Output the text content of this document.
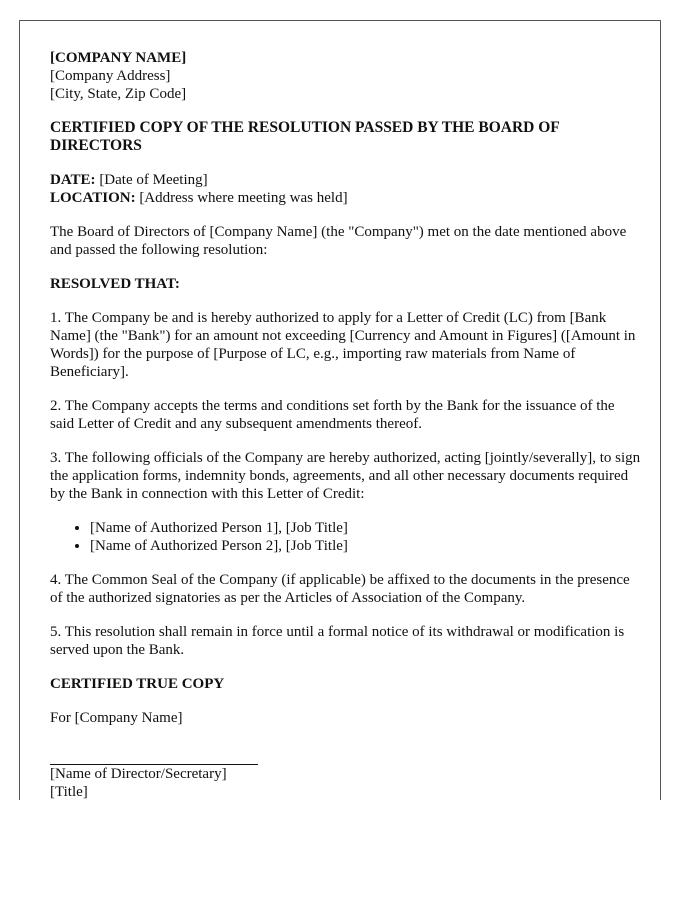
[COMPANY NAME]

[Company Address]

[City, State, Zip Code]

CERTIFIED COPY OF THE RESOLUTION PASSED BY THE BOARD OF DIRECTORS

DATE: [Date of Meeting]

LOCATION: [Address where meeting was held]

The Board of Directors of [Company Name] (the "Company") met on the date mentioned above and passed the following resolution:

RESOLVED THAT:

1. The Company be and is hereby authorized to apply for a Letter of Credit (LC) from [Bank Name] (the "Bank") for an amount not exceeding [Currency and Amount in Figures] ([Amount in Words]) for the purpose of [Purpose of LC, e.g., importing raw materials from Name of Beneficiary].

2. The Company accepts the terms and conditions set forth by the Bank for the issuance of the said Letter of Credit and any subsequent amendments thereof.

3. The following officials of the Company are hereby authorized, acting [jointly/severally], to sign the application forms, indemnity bonds, agreements, and all other necessary documents required by the Bank in connection with this Letter of Credit:

• [Name of Authorized Person 1], [Job Title]
• [Name of Authorized Person 2], [Job Title]

4. The Common Seal of the Company (if applicable) be affixed to the documents in the presence of the authorized signatories as per the Articles of Association of the Company.

5. This resolution shall remain in force until a formal notice of its withdrawal or modification is served upon the Bank.

CERTIFIED TRUE COPY

For [Company Name]

[Name of Director/Secretary]

[Title]
